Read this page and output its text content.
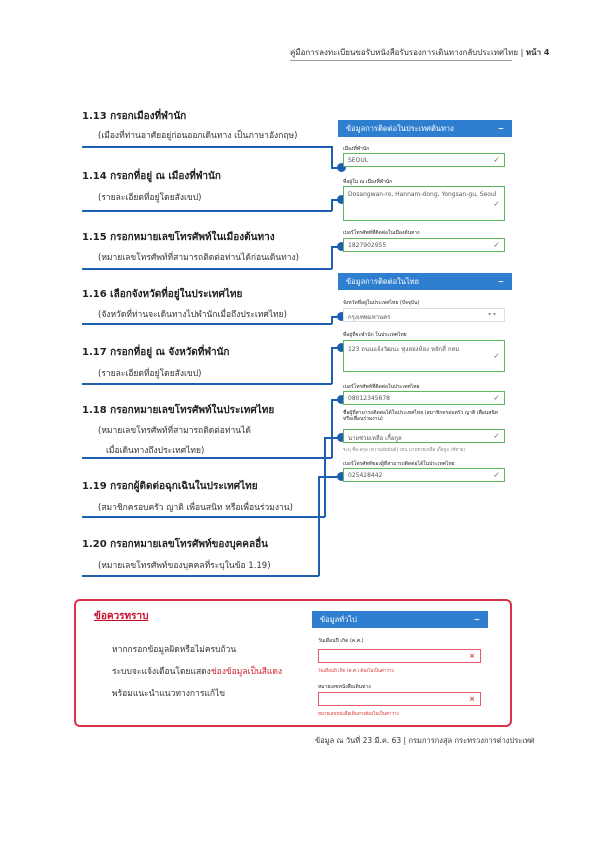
คู่มือการลงทะเบียนขอรับหนังสือรับรองการเดินทางกลับประเทศไทย | หน้า 4
1.13 กรอกเมืองที่พำนัก
(เมืองที่ท่านอาศัยอยู่ก่อนออกเดินทาง เป็นภาษาอังกฤษ)
1.14 กรอกที่อยู่ ณ เมืองที่พำนัก
(รายละเอียดที่อยู่โดยสังเขป)
1.15 กรอกหมายเลขโทรศัพท์ในเมืองต้นทาง
(หมายเลขโทรศัพท์ที่สามารถติดต่อท่านได้ก่อนเดินทาง)
1.16 เลือกจังหวัดที่อยู่ในประเทศไทย
(จังหวัดที่ท่านจะเดินทางไปพำนักเมื่อถึงประเทศไทย)
1.17 กรอกที่อยู่ ณ จังหวัดที่พำนัก
(รายละเอียดที่อยู่โดยสังเขป)
1.18 กรอกหมายเลขโทรศัพท์ในประเทศไทย
(หมายเลขโทรศัพท์ที่สามารถติดต่อท่านได้
เมื่อเดินทางถึงประเทศไทย)
1.19 กรอกผู้ติดต่อฉุกเฉินในประเทศไทย
(สมาชิกครอบครัว ญาติ เพื่อนสนิท หรือเพื่อนร่วมงาน)
1.20 กรอกหมายเลขโทรศัพท์ของบุคคลอื่น
(หมายเลขโทรศัพท์ของบุคคลที่ระบุในข้อ 1.19)
ข้อมูลการติดต่อในประเทศต้นทาง	−
เมืองที่พำนัก
SEOUL	✓
ที่อยู่ใน ณ เมืองที่พำนัก
Dosangwan-ro, Hannam-dong, Yongsan-gu, Seoul
✓
เบอร์โทรศัพท์ที่ติดต่อในเมืองต้นทาง
1827902955	✓
ข้อมูลการติดต่อในไทย	−
จังหวัดที่อยู่ในประเทศไทย (ปัจจุบัน)
กรุงเทพมหานคร	▾ ▾
ที่อยู่ที่จะพำนัก ในประเทศไทย
123 ถนนแจ้งวัฒนะ ทุ่งสองห้อง หลักสี่ กทม
✓
เบอร์โทรศัพท์ที่ติดต่อในประเทศไทย
08012345678	✓
ชื่อผู้ที่สามารถติดต่อได้ในประเทศไทย (สมาชิกครอบครัว ญาติ เพื่อนสนิท หรือเพื่อนร่วมงาน)
นายช่วยเหลือ เกื้อกูล	✓
ระบุ ชื่อ-สกุล (ความสัมพันธ์) เช่น นายช่วยเหลือ เกื้อกูล (พี่ชาย)
เบอร์โทรศัพท์ของผู้ที่สามารถติดต่อได้ในประเทศไทย
025428442	✓
ข้อควรทราบ
หากกรอกข้อมูลผิดหรือไม่ครบถ้วน
ระบบจะแจ้งเตือนโดยแสดงช่องข้อมูลเป็นสีแดง
พร้อมแนะนำแนวทางการแก้ไข
ข้อมูลทั่วไป	−
วันเดือนปี เกิด (ค.ศ.)
×
วันเดือนปี เกิด (ค.ศ.) ต้องไม่เป็นค่าว่าง
หมายเลขหนังสือเดินทาง
×
หมายเลขหนังสือเดินทางต้องไม่เป็นค่าว่าง
ข้อมูล ณ วันที่ 23 มี.ค. 63 | กรมการกงสุล กระทรวงการต่างประเทศ
